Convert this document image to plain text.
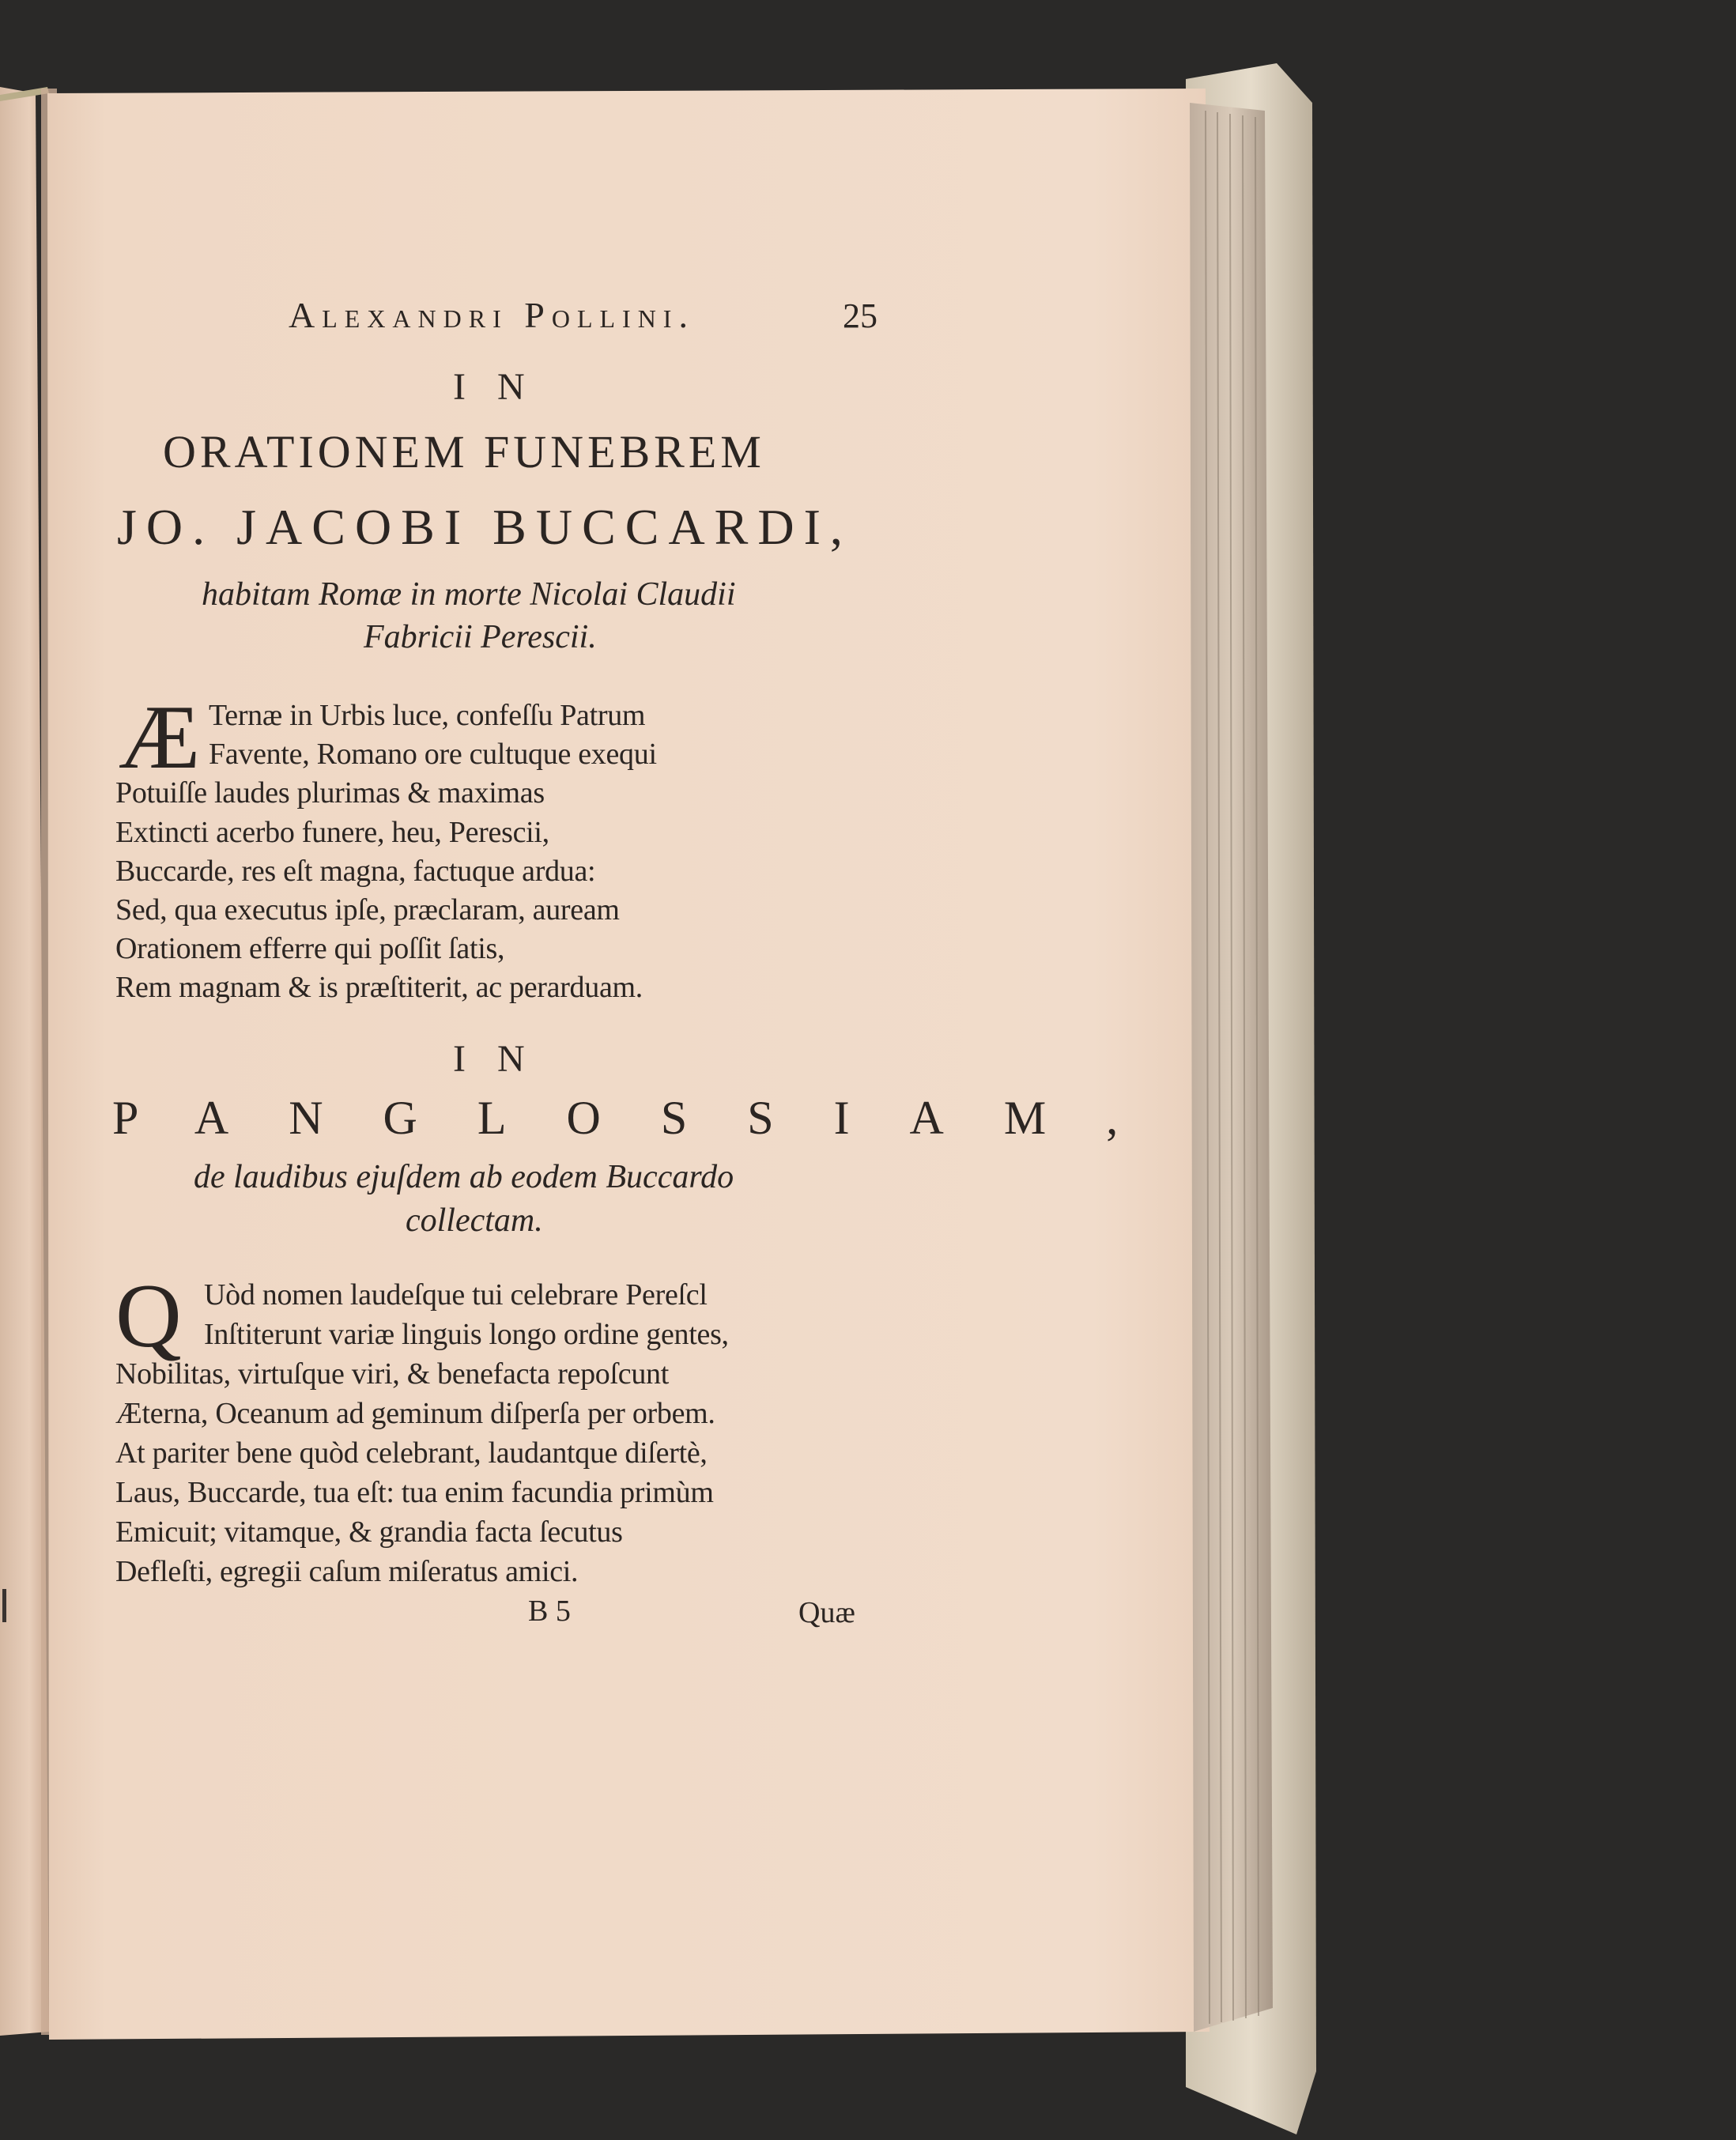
Alexandri Pollini.	25
IN
ORATIONEM FUNEBREM
JO. JACOBI BUCCARDI,
habitam Romæ in morte Nicolai Claudii
Fabricii Perescii.
Æ Ternæ in Urbis luce, confeſſu Patrum
Favente, Romano ore cultuque exequi
Potuiſſe laudes plurimas & maximas
Extincti acerbo funere, heu, Perescii,
Buccarde, res eſt magna, factuque ardua:
Sed, qua executus ipſe, præclaram, auream
Orationem efferre qui poſſit ſatis,
Rem magnam & is præſtiterit, ac perarduam.
IN
PANGLOSSIAM,
de laudibus ejuſdem ab eodem Buccardo
collectam.
Q Uòd nomen laudeſque tui celebrare Pereſcl
Inſtiterunt variæ linguis longo ordine gentes,
Nobilitas, virtuſque viri, & benefacta repoſcunt
Æterna, Oceanum ad geminum diſperſa per orbem.
At pariter bene quòd celebrant, laudantque diſertè,
Laus, Buccarde, tua eſt: tua enim facundia primùm
Emicuit; vitamque, & grandia facta ſecutus
Defleſti, egregii caſum miſeratus amici.
B 5	Quæ
